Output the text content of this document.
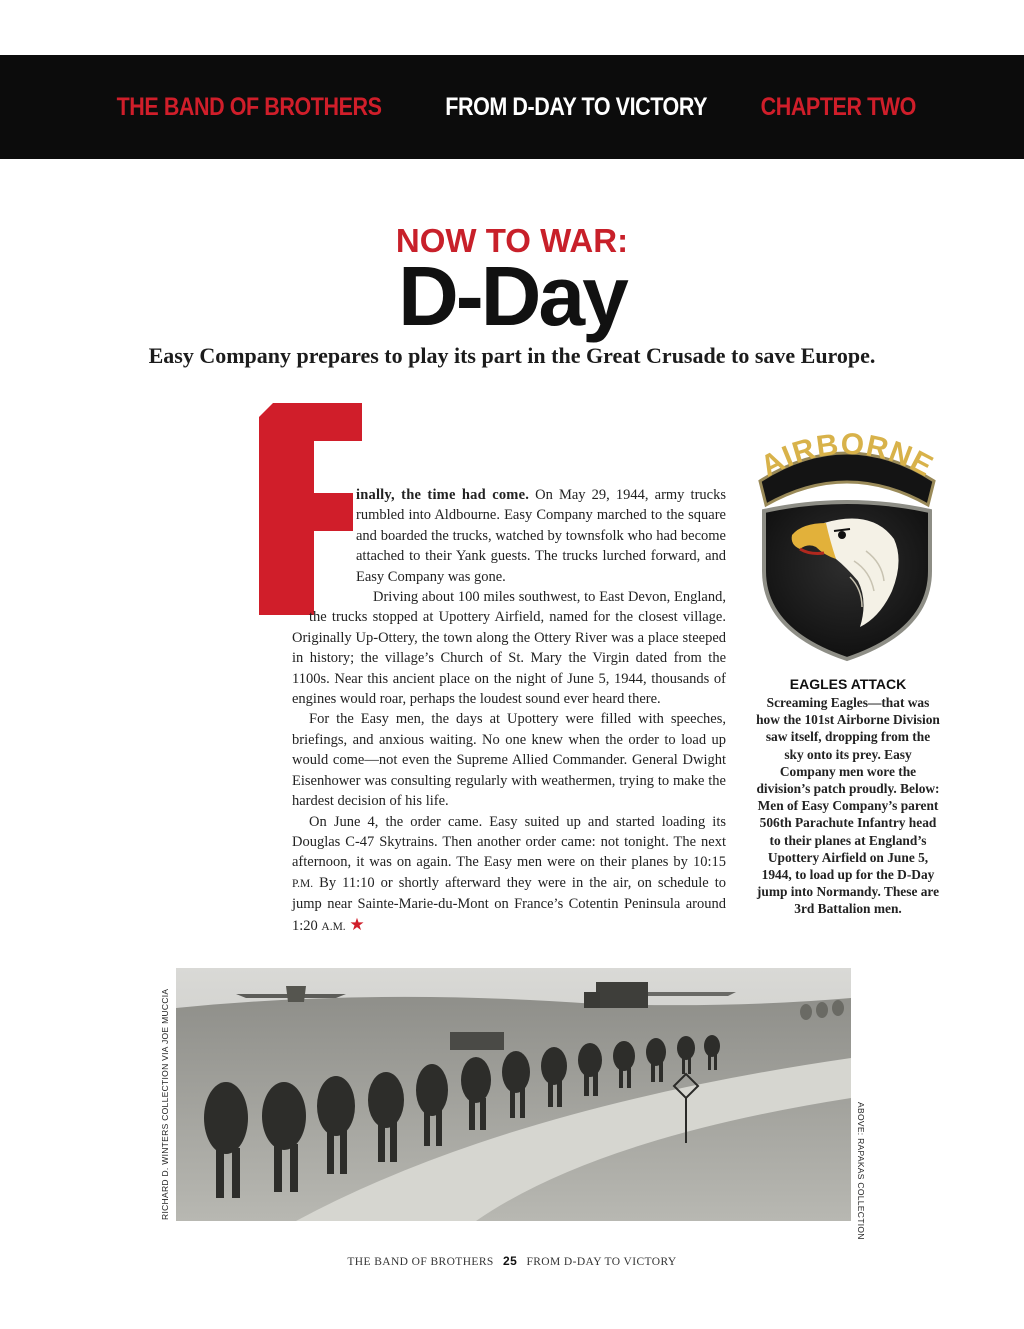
THE BAND OF BROTHERS	FROM D-DAY TO VICTORY CHAPTER TWO
NOW TO WAR:
D-Day
Easy Company prepares to play its part in the Great Crusade to save Europe.

inally, the time had come. On May 29, 1944, army trucks rumbled into Aldbourne. Easy Company marched to the square and boarded the trucks, watched by townsfolk who had become attached to their Yank guests. The trucks lurched forward, and Easy Company was gone.

Driving about 100 miles southwest, to East Devon, England, the trucks stopped at Upottery Airfield, named for the closest village. Originally Up-Ottery, the town along the Ottery River was a place steeped in history; the village’s Church of St. Mary the Virgin dated from the 1100s. Near this ancient place on the night of June 5, 1944, thousands of engines would roar, perhaps the loudest sound ever heard there.

For the Easy men, the days at Upottery were filled with speeches, briefings, and anxious waiting. No one knew when the order to load up would come—not even the Supreme Allied Commander. General Dwight Eisenhower was consulting regularly with weathermen, trying to make the hardest decision of his life.

On June 4, the order came. Easy suited up and started loading its Douglas C-47 Skytrains. Then another order came: not tonight. The next afternoon, it was on again. The Easy men were on their planes by 10:15 P.M. By 11:10 or shortly afterward they were in the air, on schedule to jump near Sainte-Marie-du-Mont on France’s Cotentin Peninsula around 1:20 A.M. ★

AIRBORNE
EAGLES ATTACK
Screaming Eagles—that was how the 101st Airborne Division saw itself, dropping from the sky onto its prey. Easy Company men wore the division’s patch proudly. Below: Men of Easy Company’s parent 506th Parachute Infantry head to their planes at England’s Upottery Airfield on June 5, 1944, to load up for the D-Day jump into Normandy. These are 3rd Battalion men.
RICHARD D. WINTERS COLLECTION VIA JOE MUCCIA	ABOVE: RAPAKAS COLLECTION
THE BAND OF BROTHERS 25 FROM D-DAY TO VICTORY
